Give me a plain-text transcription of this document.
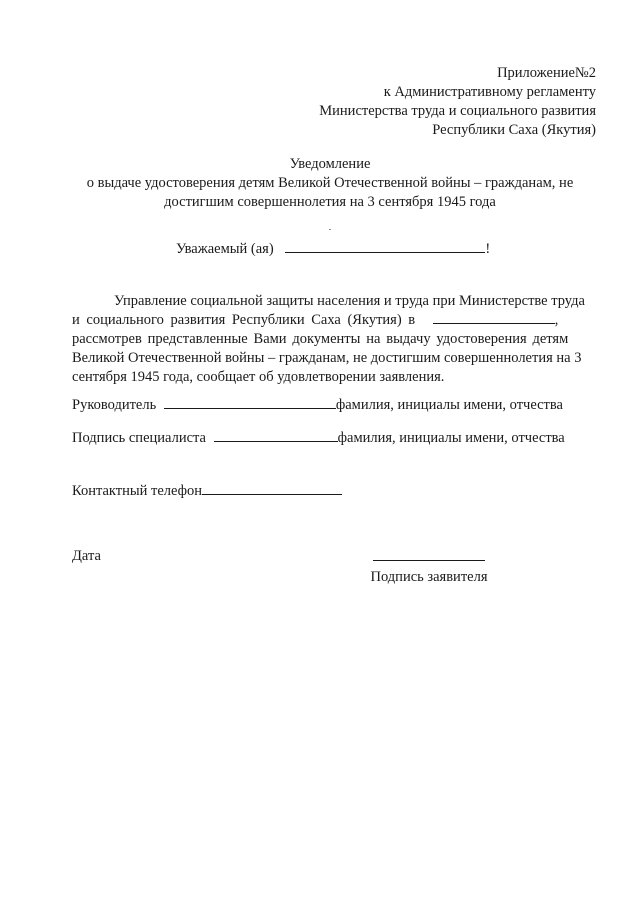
Приложение№2
к Административному регламенту
Министерства труда и социального развития
Республики Саха (Якутия)
Уведомление
о выдаче удостоверения детям Великой Отечественной войны – гражданам, не
достигшим совершеннолетия на 3 сентября 1945 года
Уважаемый (ая)	!
Управление социальной защиты населения и труда при Министерстве труда
и социального развития Республики Саха (Якутия) в	,
рассмотрев представленные Вами документы на выдачу удостоверения детям
Великой Отечественной войны – гражданам, не достигшим совершеннолетия на 3
сентября 1945 года, сообщает об удовлетворении заявления.
Руководитель	фамилия, инициалы имени, отчества
Подпись специалиста	фамилия, инициалы имени, отчества
Контактный телефон
Дата
Подпись заявителя
